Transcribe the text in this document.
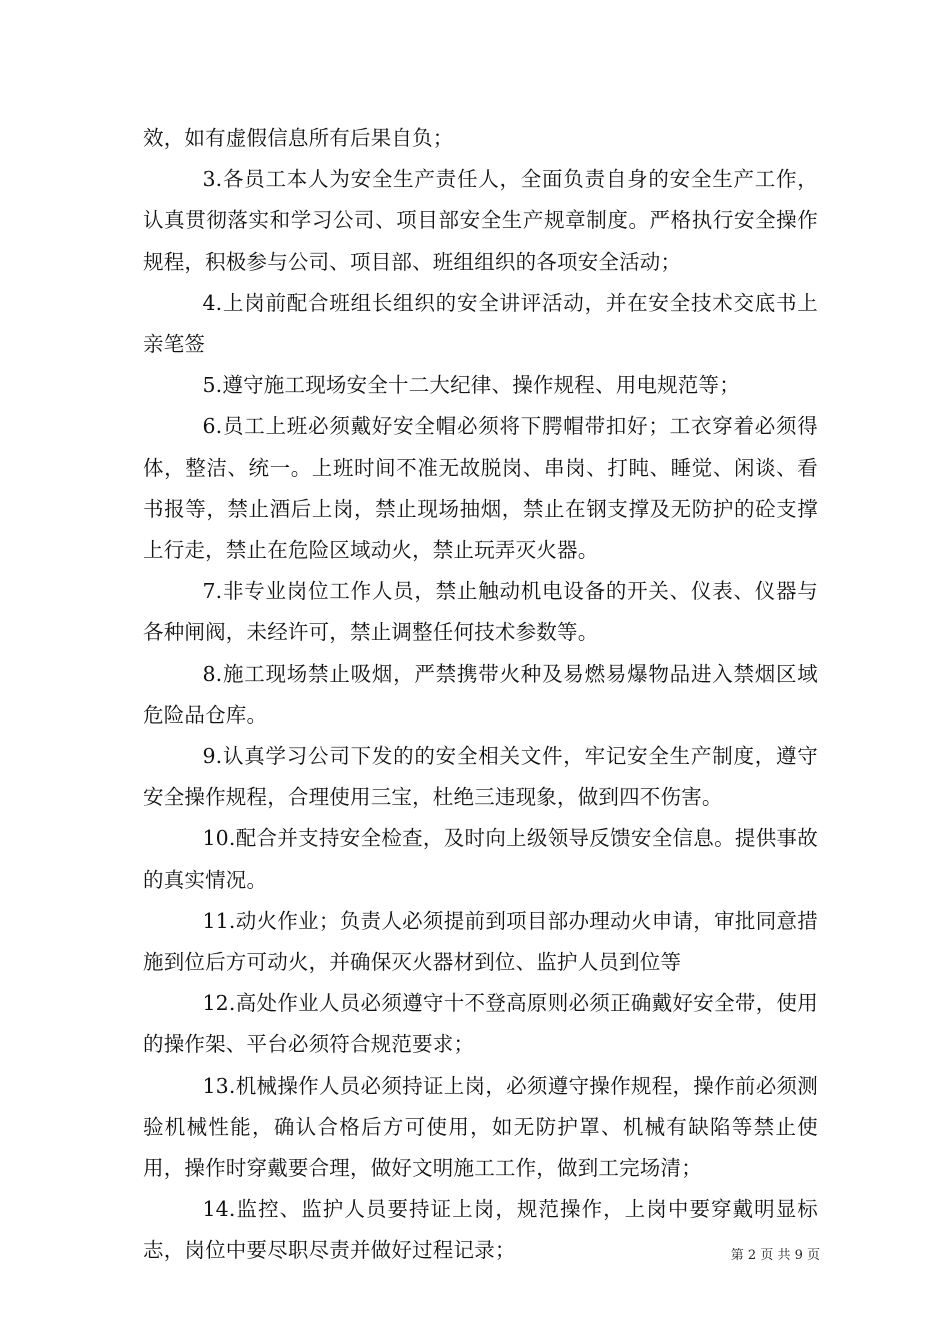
效，如有虚假信息所有后果自负；

3.各员工本人为安全生产责任人，全面负责自身的安全生产工作，认真贯彻落实和学习公司、项目部安全生产规章制度。严格执行安全操作规程，积极参与公司、项目部、班组组织的各项安全活动；

4.上岗前配合班组长组织的安全讲评活动，并在安全技术交底书上亲笔签

5.遵守施工现场安全十二大纪律、操作规程、用电规范等；

6.员工上班必须戴好安全帽必须将下腭帽带扣好；工衣穿着必须得体，整洁、统一。上班时间不准无故脱岗、串岗、打盹、睡觉、闲谈、看书报等，禁止酒后上岗，禁止现场抽烟，禁止在钢支撑及无防护的砼支撑上行走，禁止在危险区域动火，禁止玩弄灭火器。

7.非专业岗位工作人员，禁止触动机电设备的开关、仪表、仪器与各种闸阀，未经许可，禁止调整任何技术参数等。

8.施工现场禁止吸烟，严禁携带火种及易燃易爆物品进入禁烟区域危险品仓库。

9.认真学习公司下发的的安全相关文件，牢记安全生产制度，遵守安全操作规程，合理使用三宝，杜绝三违现象，做到四不伤害。

10.配合并支持安全检查，及时向上级领导反馈安全信息。提供事故的真实情况。

11.动火作业；负责人必须提前到项目部办理动火申请，审批同意措施到位后方可动火，并确保灭火器材到位、监护人员到位等

12.高处作业人员必须遵守十不登高原则必须正确戴好安全带，使用的操作架、平台必须符合规范要求；

13.机械操作人员必须持证上岗，必须遵守操作规程，操作前必须测验机械性能，确认合格后方可使用，如无防护罩、机械有缺陷等禁止使用，操作时穿戴要合理，做好文明施工工作，做到工完场清；

14.监控、监护人员要持证上岗，规范操作，上岗中要穿戴明显标志，岗位中要尽职尽责并做好过程记录；	第 2 页 共 9 页
